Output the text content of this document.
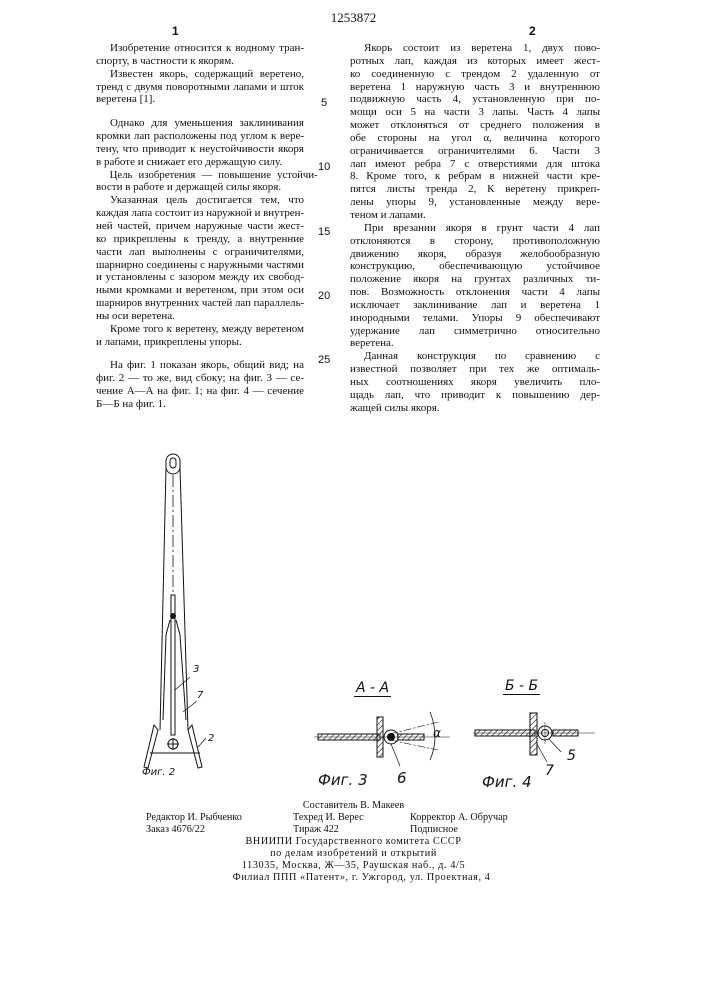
1253872
1	2
Изобретение относится к водному тран-
спорту, в частности к якорям.
Известен якорь, содержащий веретено,
тренд с двумя поворотными лапами и шток
веретена [1].
Однако для уменьшения заклинивания
кромки лап расположены под углом к вере-
тену, что приводит к неустойчивости якоря
в работе и снижает его держащую силу.
Цель изобретения — повышение устойчи-
вости в работе и держащей силы якоря.
Указанная цель достигается тем, что
каждая лапа состоит из наружной и внутрен-
ней частей, причем наружные части жест-
ко прикреплены к тренду, а внутренние
части лап выполнены с ограничителями,
шарнирно соединены с наружными частями
и установлены с зазором между их свобод-
ными кромками и веретеном, при этом оси
шарниров внутренних частей лап параллель-
ны оси веретена.
Кроме того к веретену, между веретеном
и лапами, прикреплены упоры.
На фиг. 1 показан якорь, общий вид; на
фиг. 2 — то же, вид сбоку; на фиг. 3 — се-
чение А—А на фиг. 1; на фиг. 4 — сечение
Б—Б на фиг. 1.
Якорь состоит из веретена 1, двух пово-
ротных лап, каждая из которых имеет жест-
ко соединенную с трендом 2 удаленную от
веретена 1 наружную часть 3 и внутреннюю
подвижную часть 4, установленную при по-
мощи оси 5 на части 3 лапы. Часть 4 лапы
может отклоняться от среднего положения в
обе стороны на угол α, величина которого
ограничивается ограничителями 6. Части 3
лап имеют ребра 7 с отверстиями для штока
8. Кроме того, к ребрам в нижней части кре-
пятся листы тренда 2, К веретену прикреп-
лены упоры 9, установленные между вере-
теном и лапами.
При врезании якоря в грунт части 4 лап
отклоняются в сторону, противоположную
движению якоря, образуя желобообразную
конструкцию, обеспечивающую устойчивое
положение якоря на грунтах различных ти-
пов. Возможность отклонения части 4 лапы
исключает заклинивание лап и веретена 1
инородными телами. Упоры 9 обеспечивают
удержание лап симметрично относительно
веретена.
Данная конструкция по сравнению с
известной позволяет при тех же оптималь-
ных соотношениях якоря увеличить пло-
щадь лап, что приводит к повышению дер-
жащей силы якоря.
5
10
15
20
25
3
7
2
Фиг. 2
А - А
α
Фиг. 3 6
Б - Б
7
5
Фиг. 4
Составитель В. Макеев
Редактор И. Рыбченко	Техред И. Верес	Корректор А. Обручар
Заказ 4676/22	Тираж 422	Подписное
ВНИИПИ Государственного комитета СССР
по делам изобретений и открытий
113035, Москва, Ж—35, Раушская наб., д. 4/5
Филиал ППП «Патент», г. Ужгород, ул. Проектная, 4
